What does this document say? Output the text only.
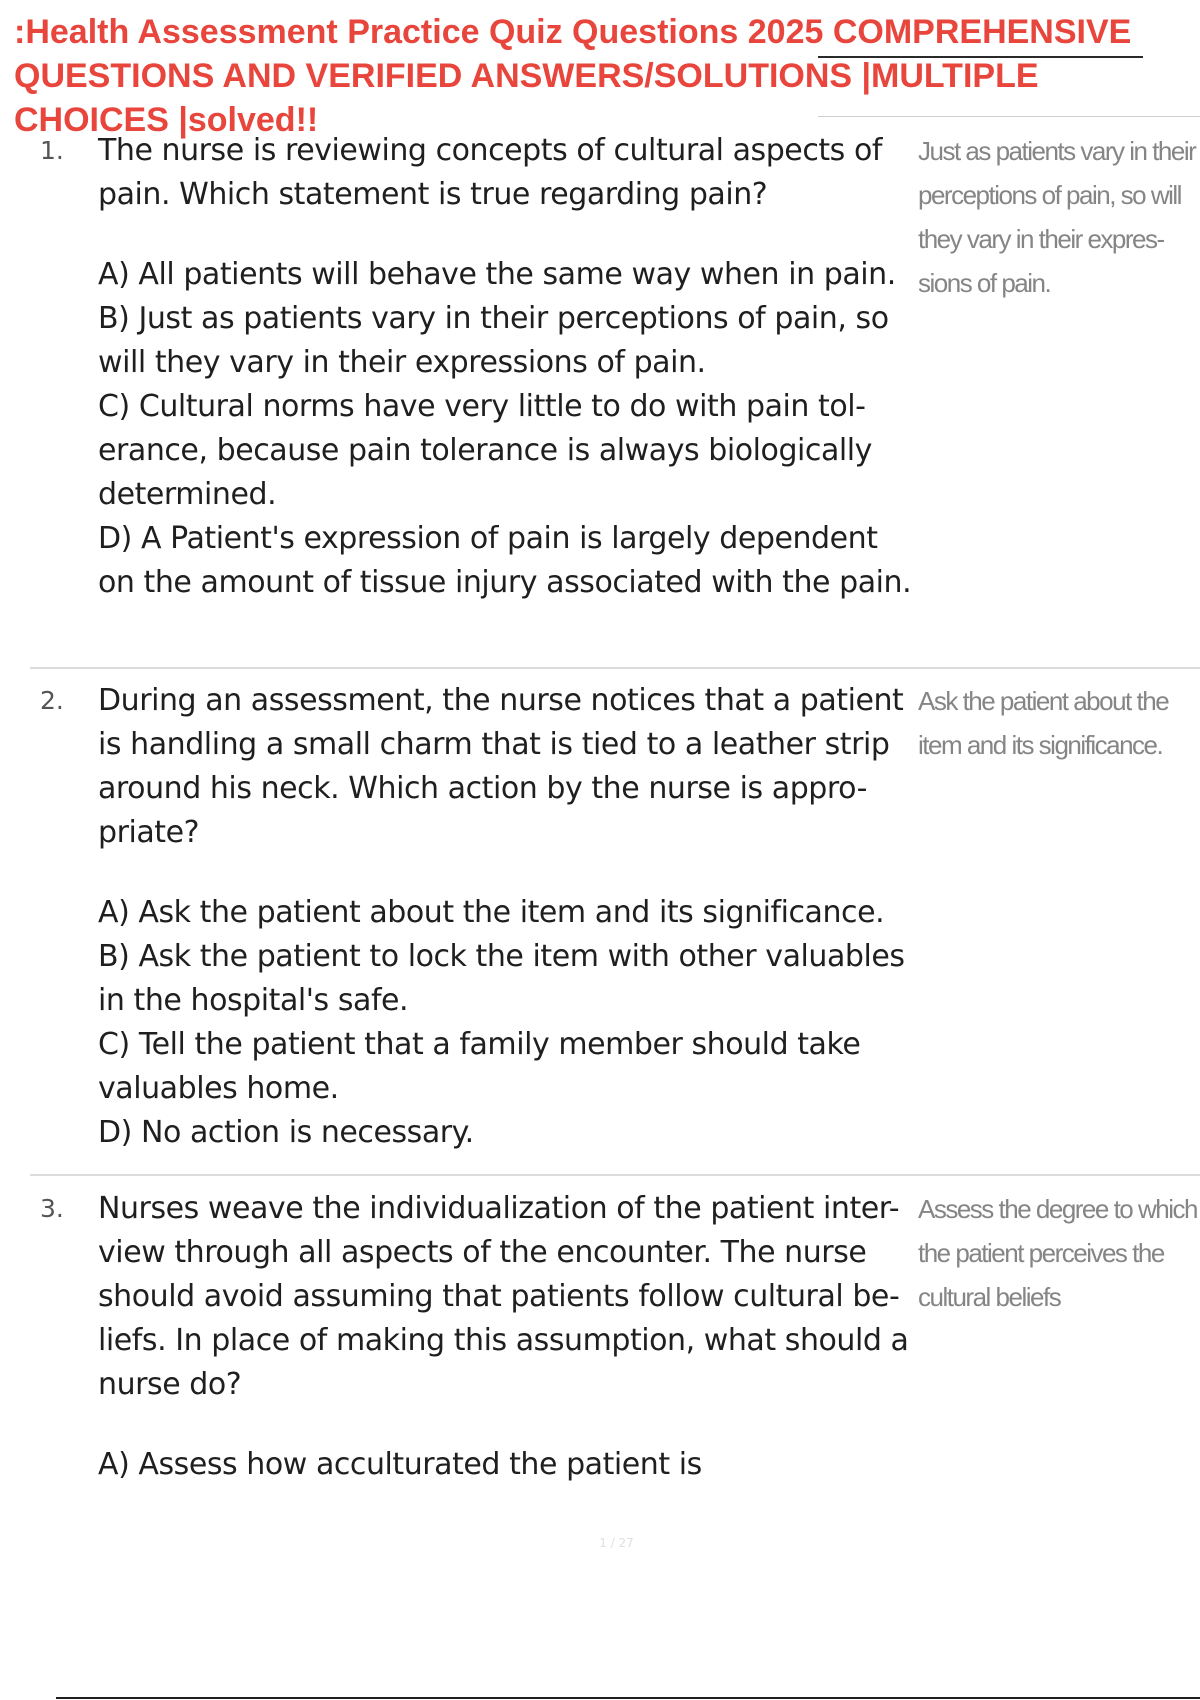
:Health Assessment Practice Quiz Questions 2025 COMPREHENSIVE
QUESTIONS AND VERIFIED ANSWERS/SOLUTIONS |MULTIPLE
CHOICES |solved!!
1. The nurse is reviewing concepts of cultural aspects of pain. Which statement is true regarding pain?

A) All patients will behave the same way when in pain.

B) Just as patients vary in their perceptions of pain, so will they vary in their expressions of pain.

C) Cultural norms have very little to do with pain tol- erance, because pain tolerance is always biologically determined.

D) A Patient's expression of pain is largely dependent on the amount of tissue injury associated with the pain.

Just as patients vary in their perceptions of pain, so will they vary in their expres- sions of pain.

2. During an assessment, the nurse notices that a patient is handling a small charm that is tied to a leather strip around his neck. Which action by the nurse is appro- priate?

A) Ask the patient about the item and its significance.

B) Ask the patient to lock the item with other valuables in the hospital's safe.

C) Tell the patient that a family member should take valuables home.

D) No action is necessary.

Ask the patient about the item and its significance.

3. Nurses weave the individualization of the patient inter- view through all aspects of the encounter. The nurse should avoid assuming that patients follow cultural be- liefs. In place of making this assumption, what should a nurse do?

A) Assess how acculturated the patient is

Assess the degree to which the patient perceives the cultural beliefs

1 / 27
